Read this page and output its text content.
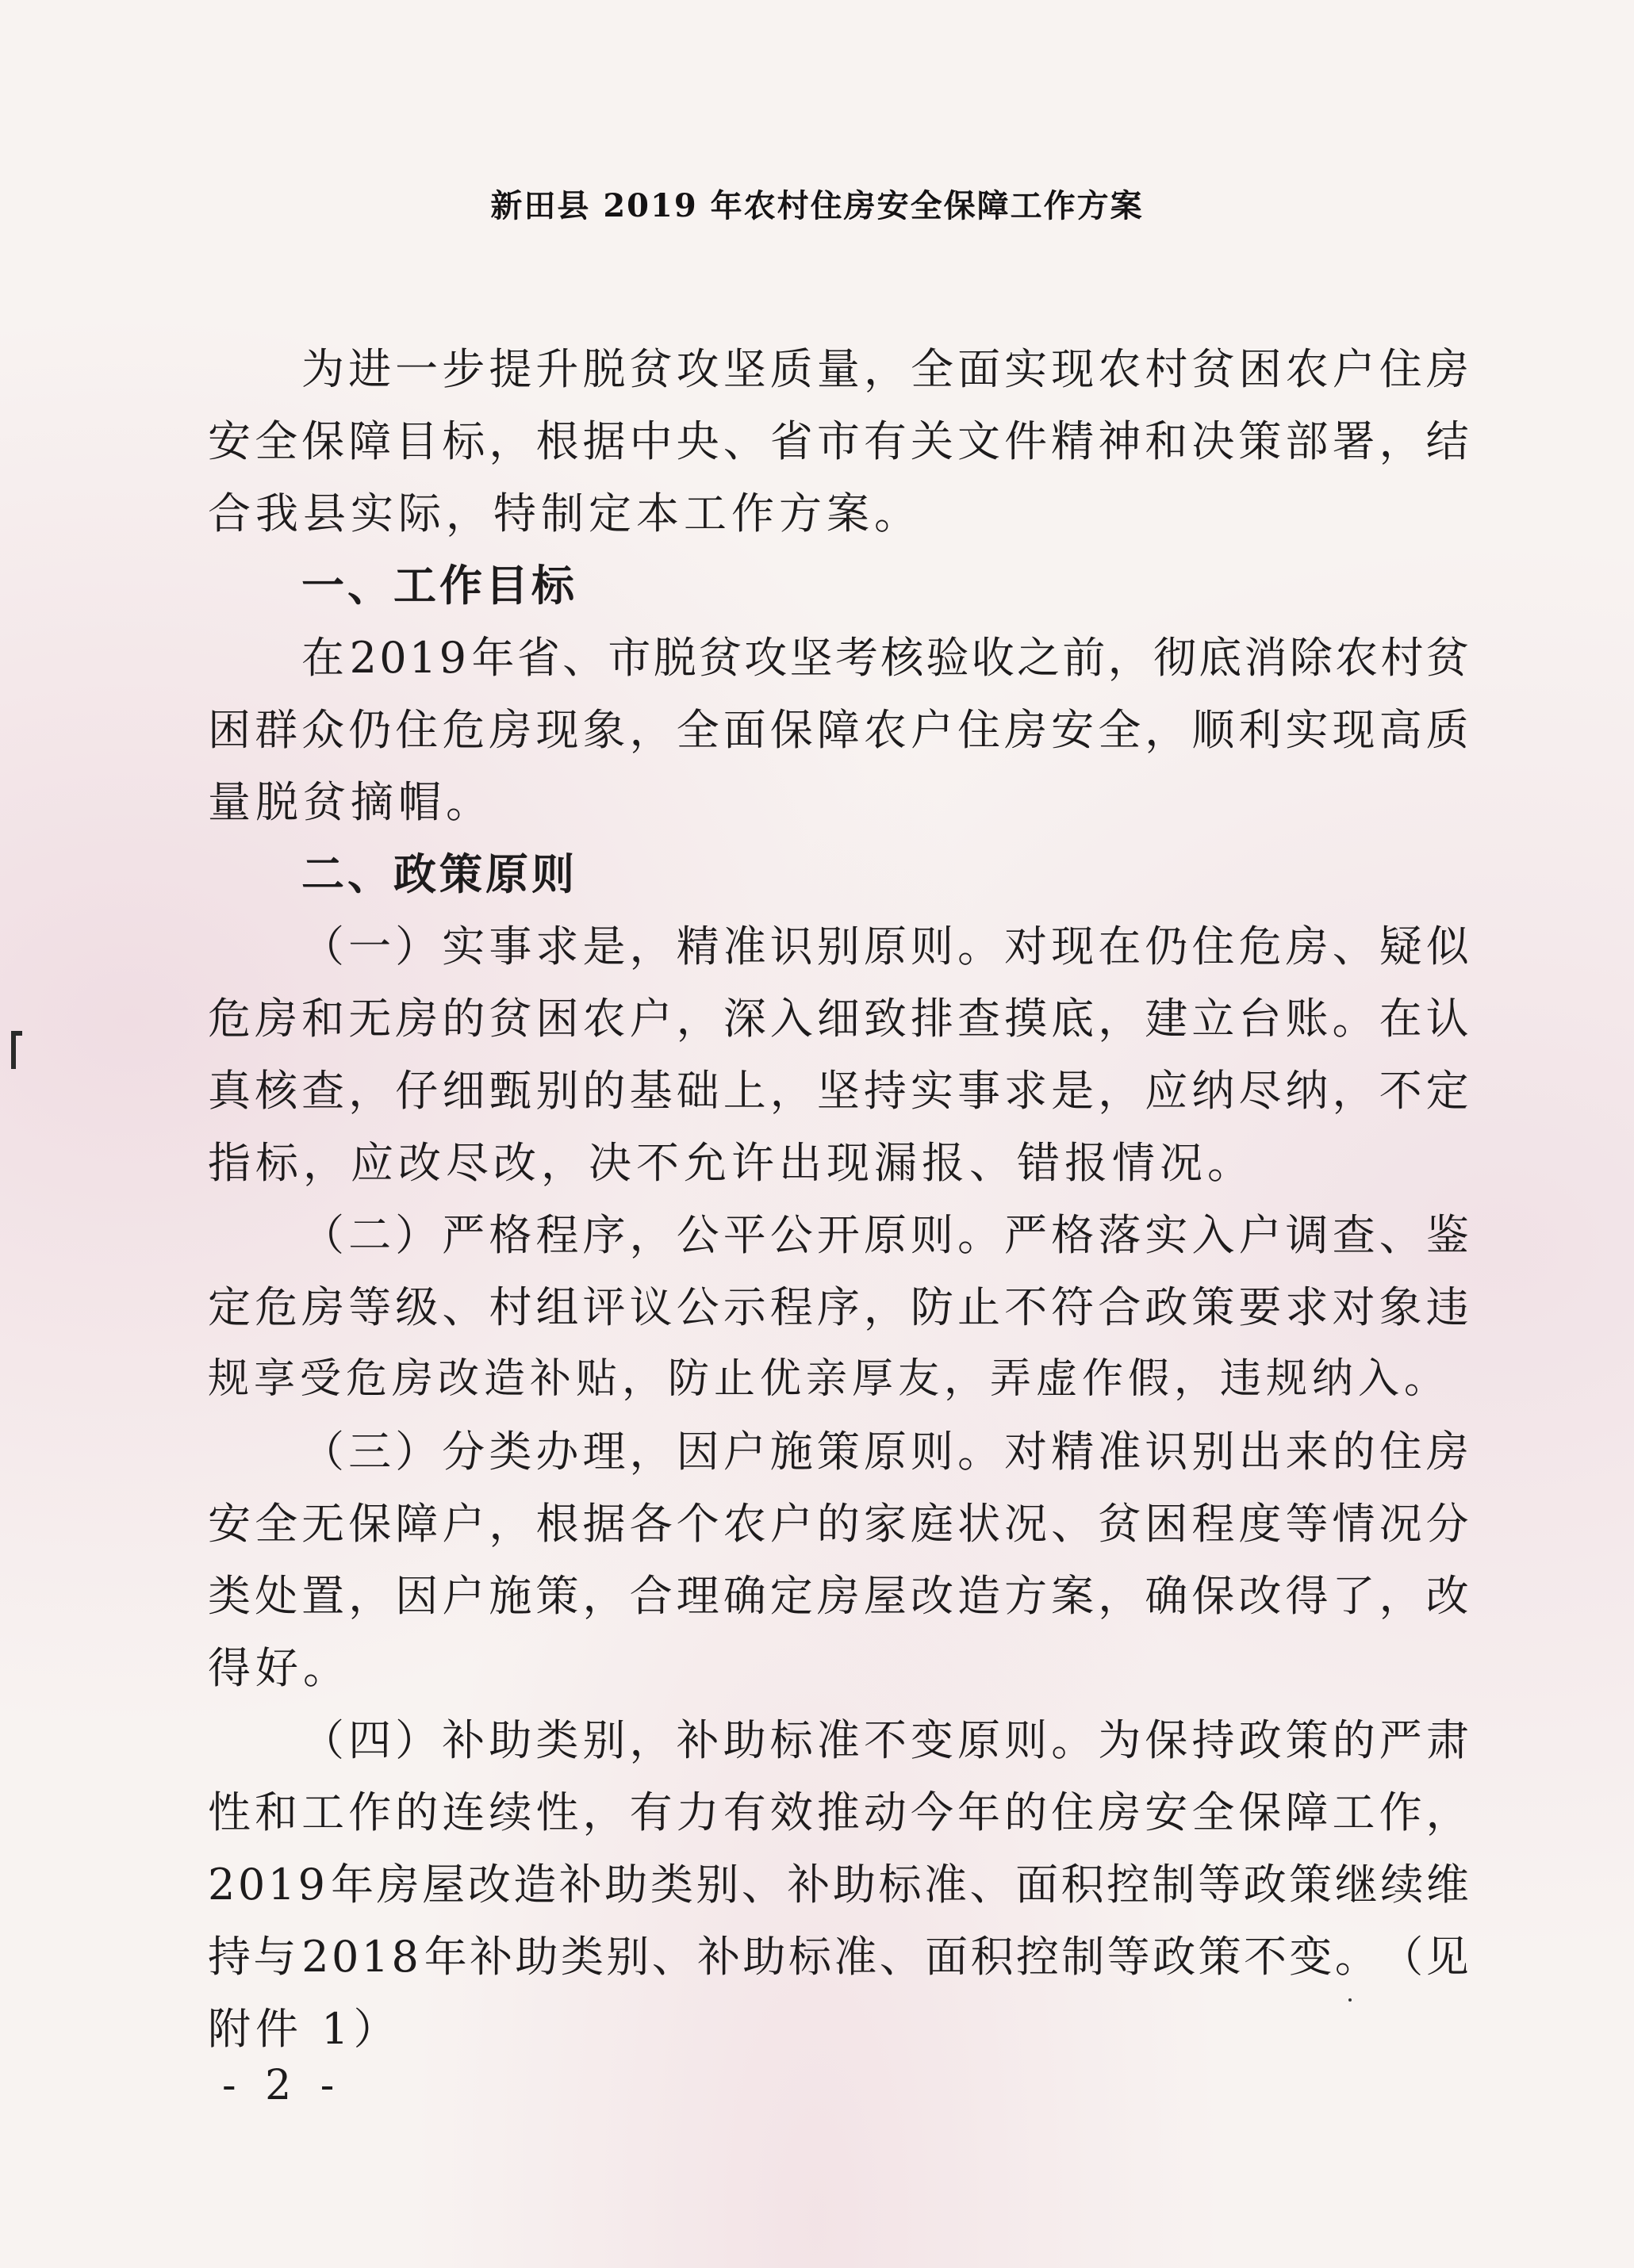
新田县 2019 年农村住房安全保障工作方案
为 进 一 步 提 升 脱 贫 攻 坚 质 量 ， 全 面 实 现 农 村 贫 困 农 户 住 房
安 全 保 障 目 标 ， 根 据 中 央 、 省 市 有 关 文 件 精 神 和 决 策 部 署 ， 结
合我县实际，特制定本工作方案。
一、工作目标
在 2 0 1 9 年 省 、 市 脱 贫 攻 坚 考 核 验 收 之 前 ， 彻 底 消 除 农 村 贫
困 群 众 仍 住 危 房 现 象 ， 全 面 保 障 农 户 住 房 安 全 ， 顺 利 实 现 高 质
量脱贫摘帽。
二、政策原则
（ 一 ） 实 事 求 是 ， 精 准 识 别 原 则 。 对 现 在 仍 住 危 房 、 疑 似
危 房 和 无 房 的 贫 困 农 户 ， 深 入 细 致 排 查 摸 底 ， 建 立 台 账 。 在 认
真 核 查 ， 仔 细 甄 别 的 基 础 上 ， 坚 持 实 事 求 是 ， 应 纳 尽 纳 ， 不 定
指标，应改尽改，决不允许出现漏报、错报情况。
（ 二 ） 严 格 程 序 ， 公 平 公 开 原 则 。 严 格 落 实 入 户 调 查 、 鉴
定 危 房 等 级 、 村 组 评 议 公 示 程 序 ， 防 止 不 符 合 政 策 要 求 对 象 违
规享受危房改造补贴，防止优亲厚友，弄虚作假，违规纳入。
（ 三 ） 分 类 办 理 ， 因 户 施 策 原 则 。 对 精 准 识 别 出 来 的 住 房
安 全 无 保 障 户 ， 根 据 各 个 农 户 的 家 庭 状 况 、 贫 困 程 度 等 情 况 分
类 处 置 ， 因 户 施 策 ， 合 理 确 定 房 屋 改 造 方 案 ， 确 保 改 得 了 ， 改
得好。
（ 四 ） 补 助 类 别 ， 补 助 标 准 不 变 原 则 。 为 保 持 政 策 的 严 肃
性 和 工 作 的 连 续 性 ， 有 力 有 效 推 动 今 年 的 住 房 安 全 保 障 工 作 ，
2 0 1 9 年 房 屋 改 造 补 助 类 别 、 补 助 标 准 、 面 积 控 制 等 政 策 继 续 维
持 与 2 0 1 8 年 补 助 类 别 、 补 助 标 准 、 面 积 控 制 等 政 策 不 变 。 （ 见
附件 1）
- 2 -
